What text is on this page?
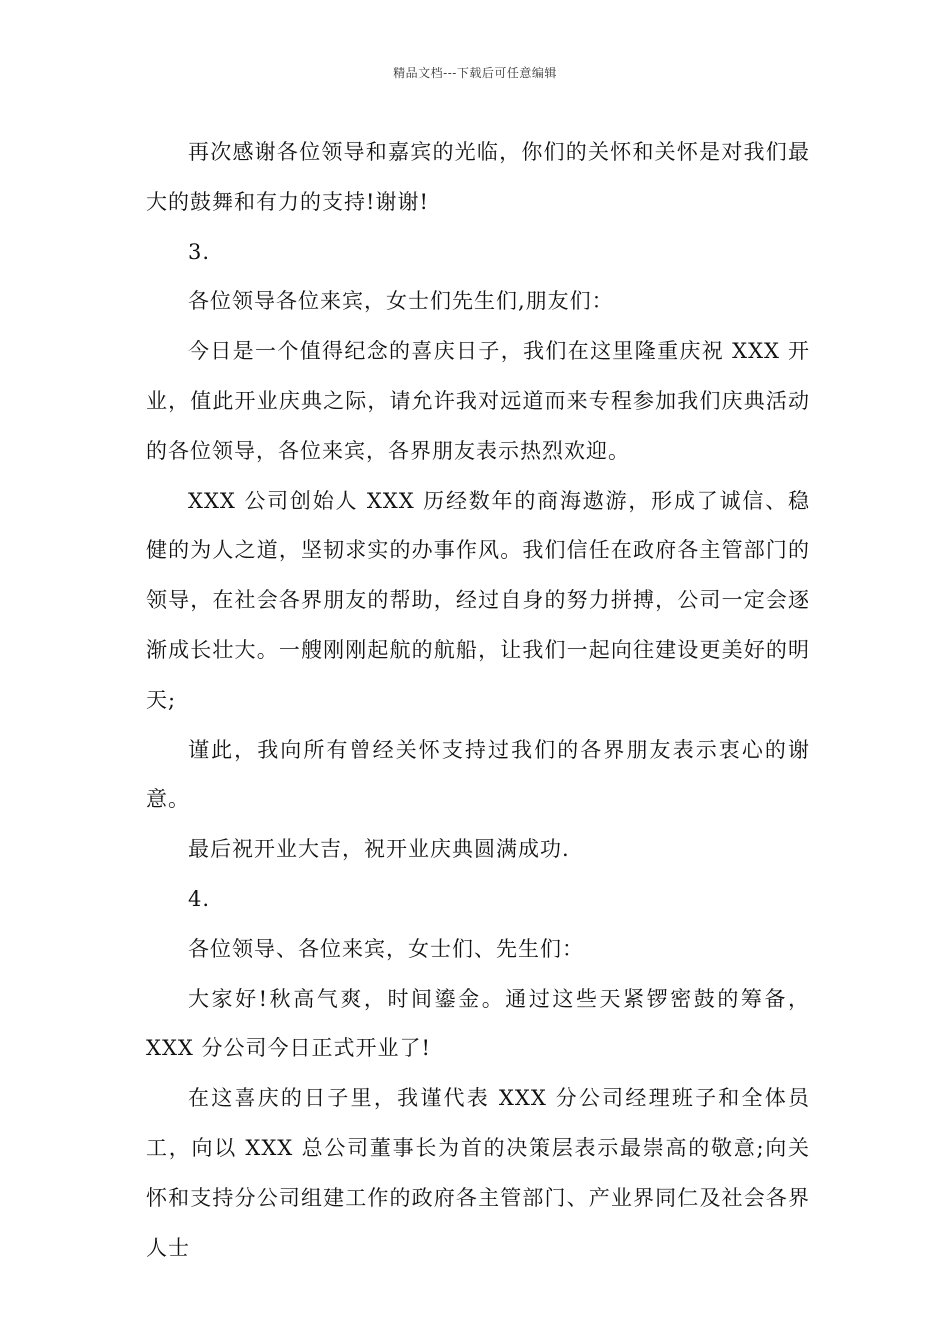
精品文档---下载后可任意编辑

再次感谢各位领导和嘉宾的光临，你们的关怀和关怀是对我们最大的鼓舞和有力的支持!谢谢!

3.

各位领导各位来宾，女士们先生们,朋友们：

今日是一个值得纪念的喜庆日子，我们在这里隆重庆祝 XXX 开业，值此开业庆典之际，请允许我对远道而来专程参加我们庆典活动的各位领导，各位来宾，各界朋友表示热烈欢迎。

XXX 公司创始人 XXX 历经数年的商海遨游，形成了诚信、稳健的为人之道，坚韧求实的办事作风。我们信任在政府各主管部门的领导，在社会各界朋友的帮助，经过自身的努力拼搏，公司一定会逐渐成长壮大。一艘刚刚起航的航船，让我们一起向往建设更美好的明天;

谨此，我向所有曾经关怀支持过我们的各界朋友表示衷心的谢意。

最后祝开业大吉，祝开业庆典圆满成功.

4.

各位领导、各位来宾，女士们、先生们：

大家好!秋高气爽，时间鎏金。通过这些天紧锣密鼓的筹备，XXX 分公司今日正式开业了!

在这喜庆的日子里，我谨代表 XXX 分公司经理班子和全体员工，向以 XXX 总公司董事长为首的决策层表示最崇高的敬意;向关怀和支持分公司组建工作的政府各主管部门、产业界同仁及社会各界人士
